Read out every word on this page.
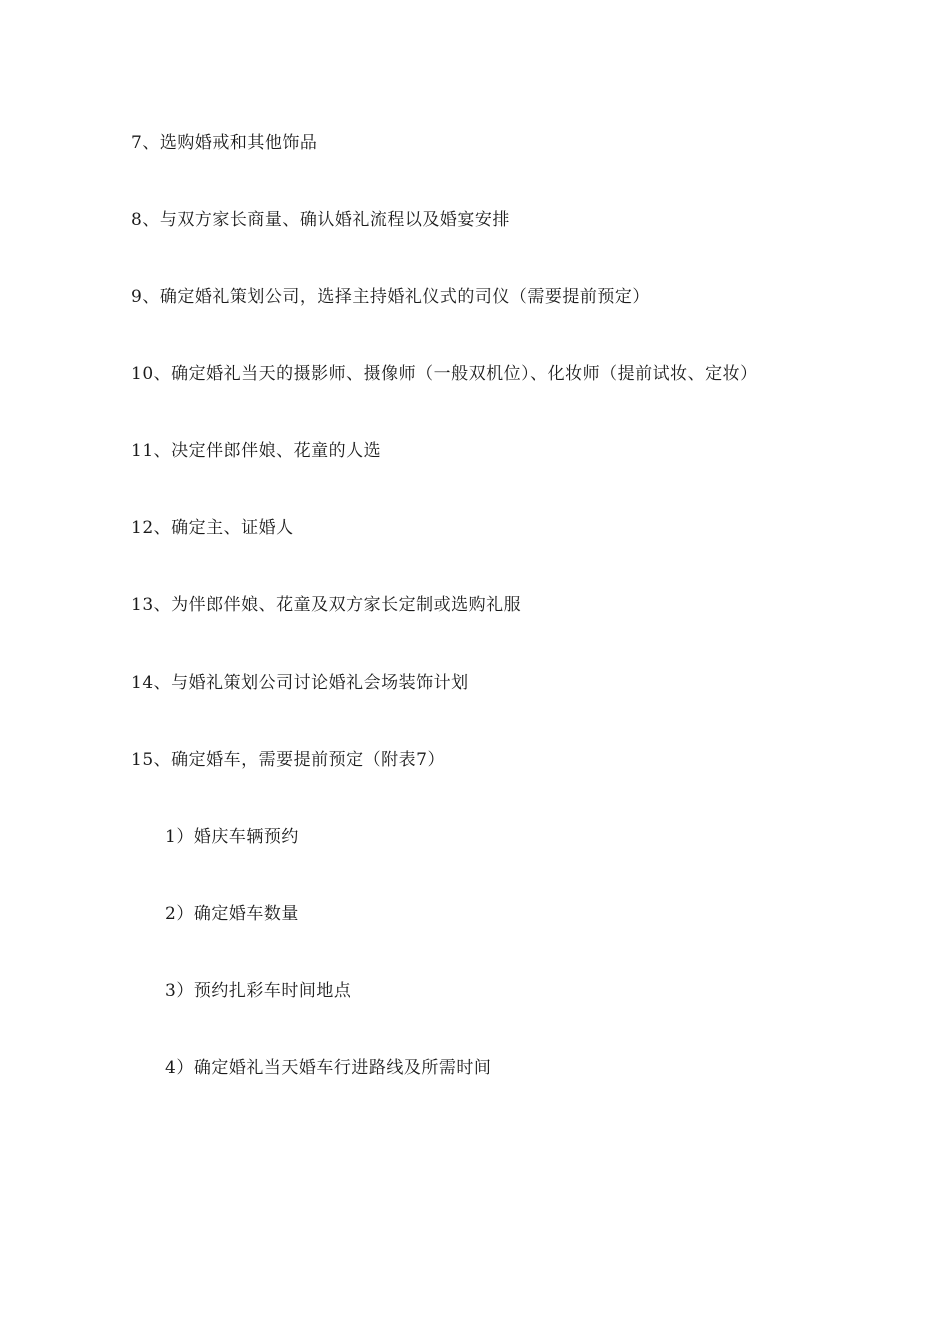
7、选购婚戒和其他饰品
8、与双方家长商量、确认婚礼流程以及婚宴安排
9、确定婚礼策划公司，选择主持婚礼仪式的司仪（需要提前预定）
10、确定婚礼当天的摄影师、摄像师（一般双机位）、化妆师（提前试妆、定妆）
11、决定伴郎伴娘、花童的人选
12、确定主、证婚人
13、为伴郎伴娘、花童及双方家长定制或选购礼服
14、与婚礼策划公司讨论婚礼会场装饰计划
15、确定婚车，需要提前预定（附表7）
1）婚庆车辆预约
2）确定婚车数量
3）预约扎彩车时间地点
4）确定婚礼当天婚车行进路线及所需时间
